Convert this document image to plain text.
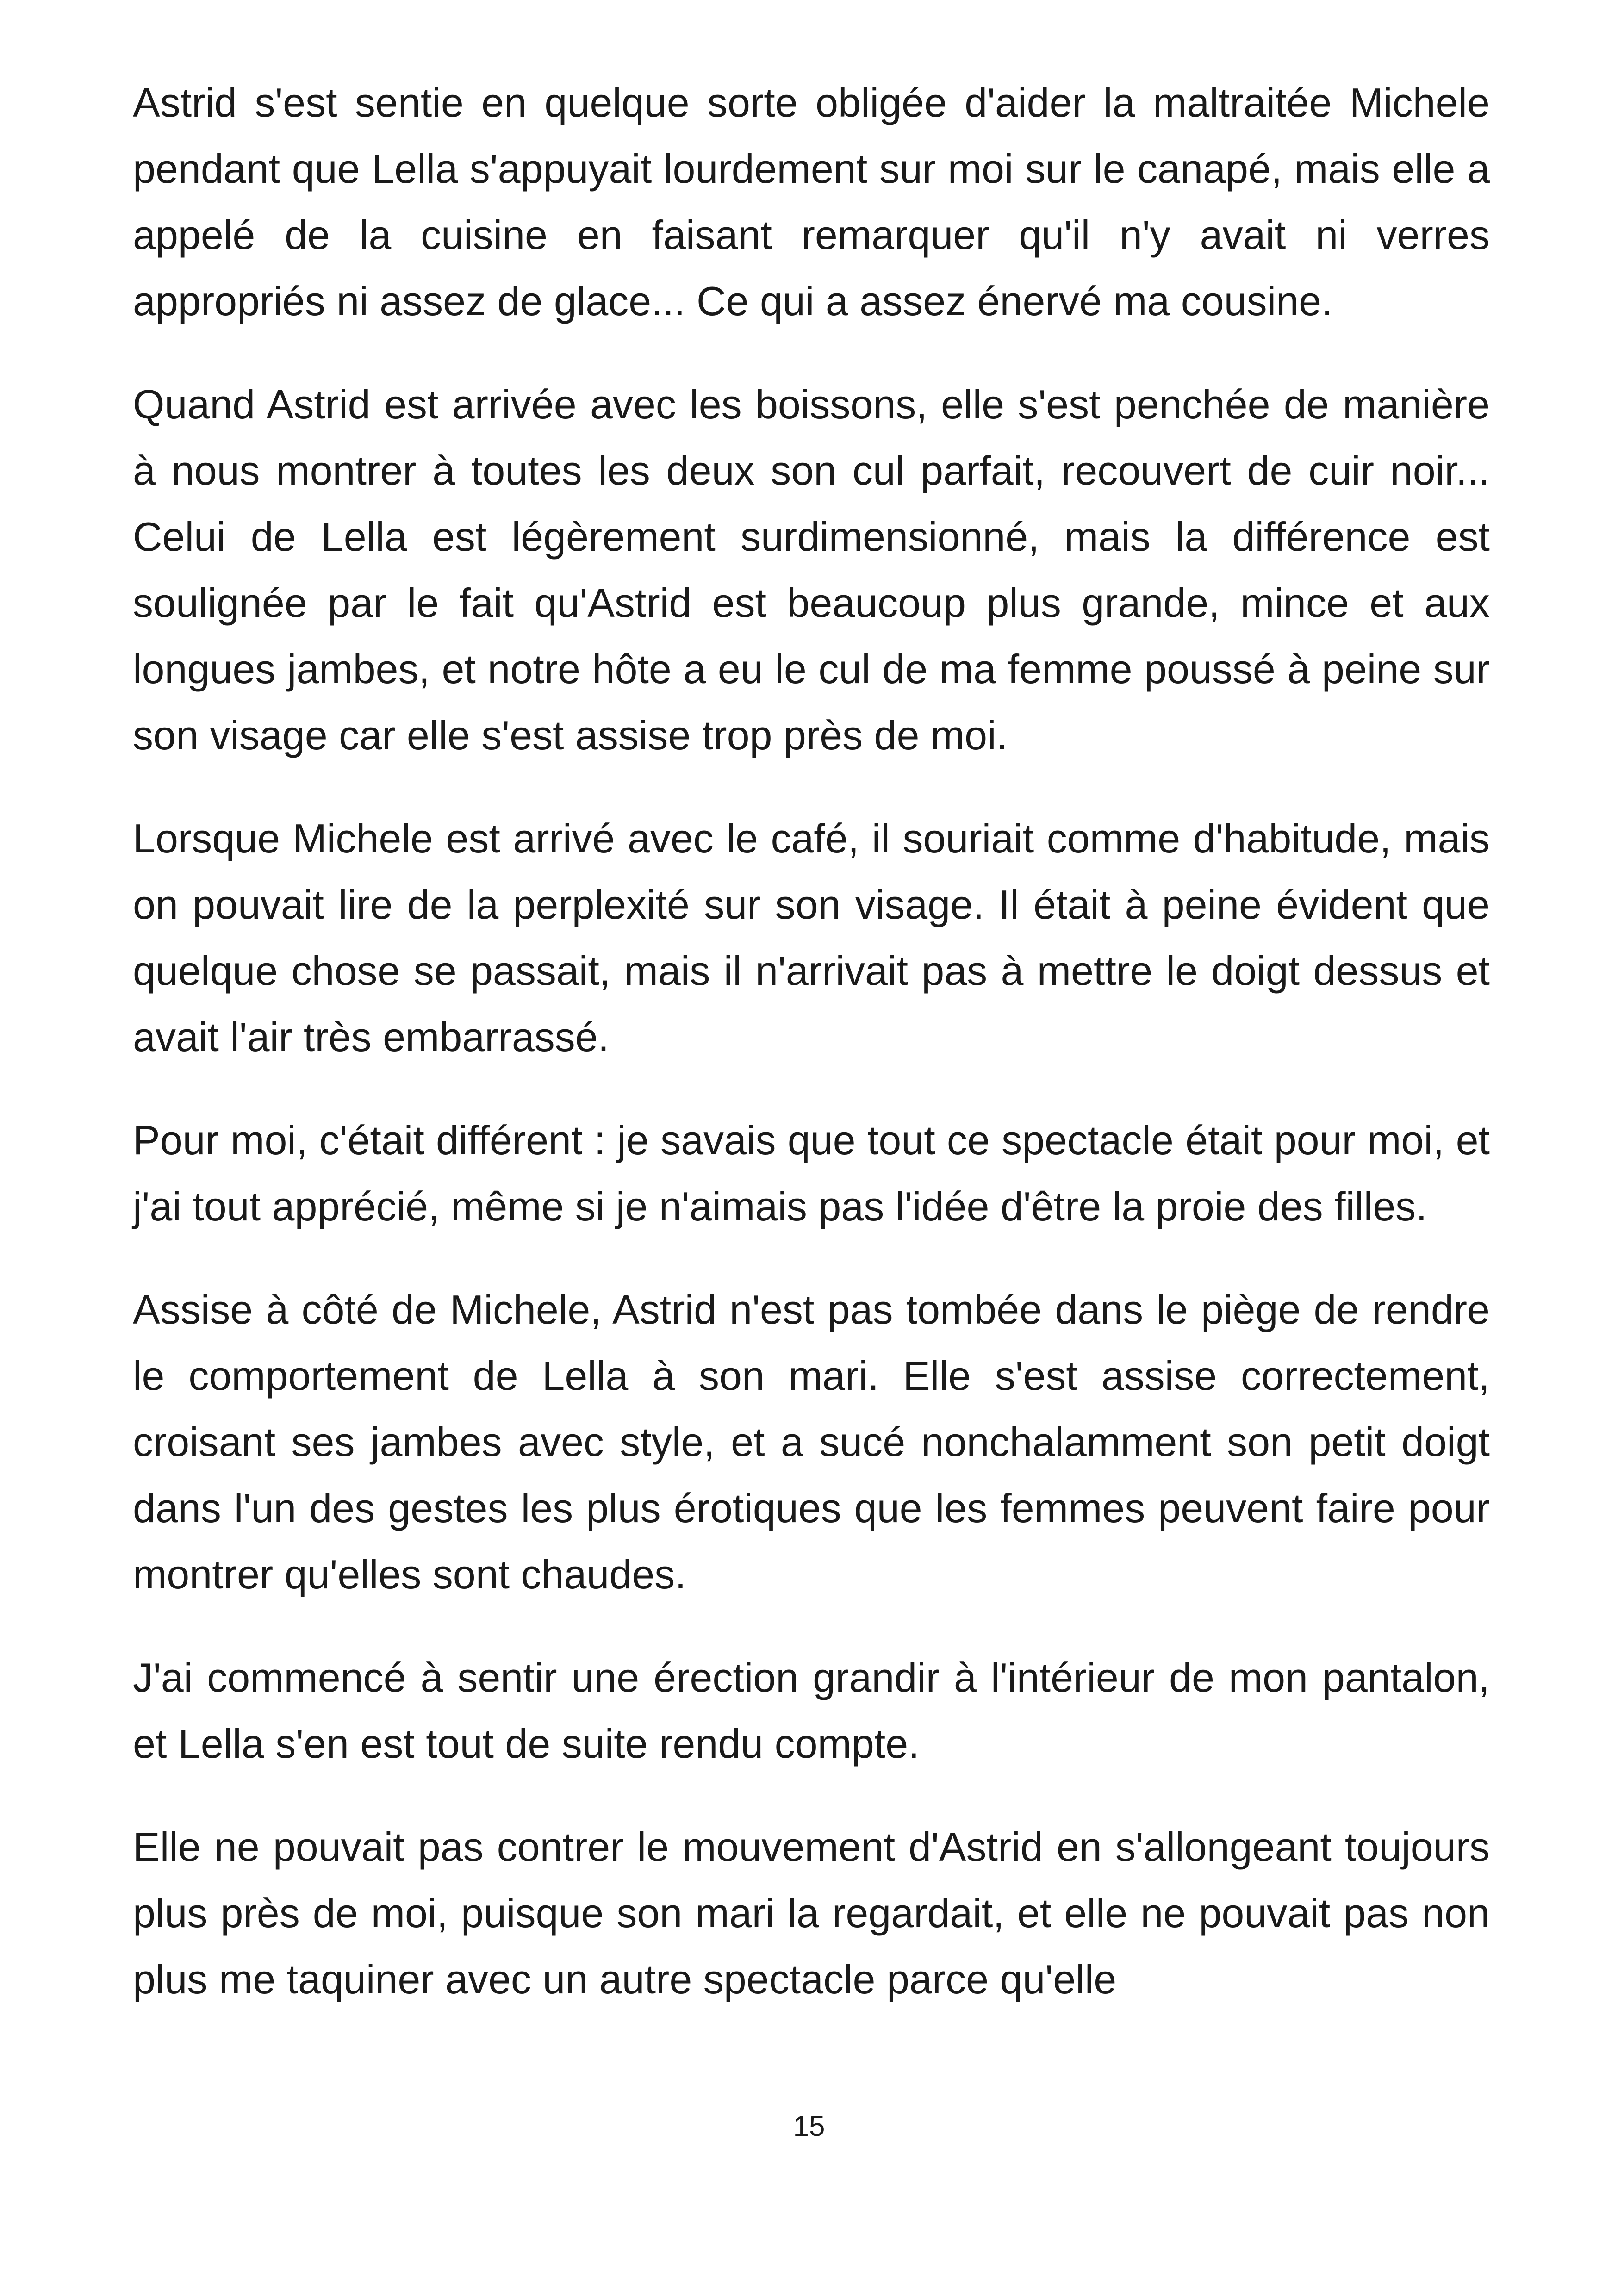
Astrid s'est sentie en quelque sorte obligée d'aider la maltraitée Michele pendant que Lella s'appuyait lourdement sur moi sur le canapé, mais elle a appelé de la cuisine en faisant remarquer qu'il n'y avait ni verres appropriés ni assez de glace... Ce qui a assez énervé ma cousine.

Quand Astrid est arrivée avec les boissons, elle s'est penchée de manière à nous montrer à toutes les deux son cul parfait, recouvert de cuir noir... Celui de Lella est légèrement surdimensionné, mais la différence est soulignée par le fait qu'Astrid est beaucoup plus grande, mince et aux longues jambes, et notre hôte a eu le cul de ma femme poussé à peine sur son visage car elle s'est assise trop près de moi.

Lorsque Michele est arrivé avec le café, il souriait comme d'habitude, mais on pouvait lire de la perplexité sur son visage. Il était à peine évident que quelque chose se passait, mais il n'arrivait pas à mettre le doigt dessus et avait l'air très embarrassé.

Pour moi, c'était différent : je savais que tout ce spectacle était pour moi, et j'ai tout apprécié, même si je n'aimais pas l'idée d'être la proie des filles.

Assise à côté de Michele, Astrid n'est pas tombée dans le piège de rendre le comportement de Lella à son mari. Elle s'est assise correctement, croisant ses jambes avec style, et a sucé nonchalamment son petit doigt dans l'un des gestes les plus érotiques que les femmes peuvent faire pour montrer qu'elles sont chaudes.

J'ai commencé à sentir une érection grandir à l'intérieur de mon pantalon, et Lella s'en est tout de suite rendu compte.

Elle ne pouvait pas contrer le mouvement d'Astrid en s'allongeant toujours plus près de moi, puisque son mari la regardait, et elle ne pouvait pas non plus me taquiner avec un autre spectacle parce qu'elle

15
